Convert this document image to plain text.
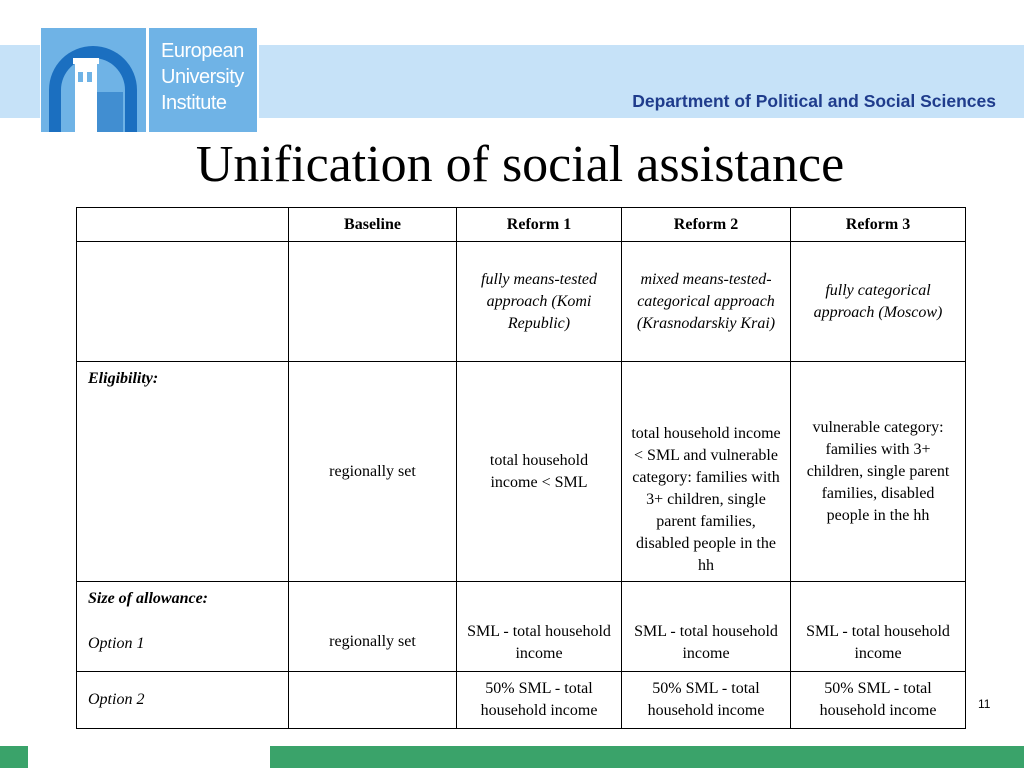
European
University
Institute	Department of Political and Social Sciences
Unification of social assistance
	Baseline	Reform 1	Reform 2	Reform 3
		fully means-tested approach (Komi Republic)	mixed means-tested-categorical approach (Krasnodarskiy Krai)	fully categorical approach (Moscow)
Eligibility:	regionally set	total household income < SML	total household income < SML and vulnerable category: families with 3+ children, single parent families, disabled people in the hh	vulnerable category: families with 3+ children, single parent families, disabled people in the hh

Size of allowance:
Option 1	regionally set	SML - total household income	SML - total household income	SML - total household income
Option 2		50% SML - total household income	50% SML - total household income	50% SML - total household income	11
